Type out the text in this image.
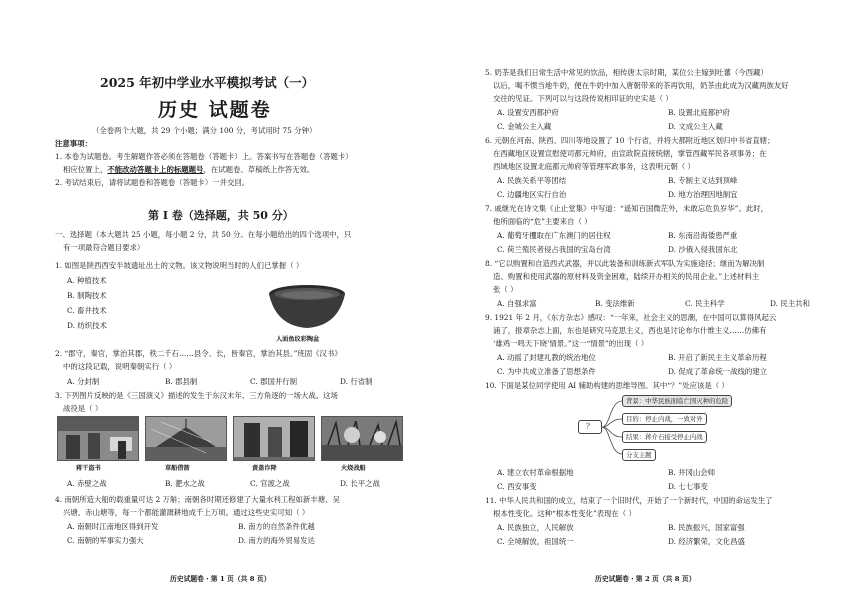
2025 年初中学业水平模拟考试（一）
历史 试题卷
（全卷两个大题，共 29 个小题；满分 100 分，考试用时 75 分钟）
注意事项：
1. 本卷为试题卷。考生解题作答必须在答题卷（答题卡）上。答案书写在答题卷（答题卡）
相应位置上， 不能改动答题卡上的标题题号 ，在试题卷、草稿纸上作答无效。
2. 考试结束后，请将试题卷和答题卷（答题卡）一并交回。
第 Ⅰ 卷（选择题，共 50 分）
一、选择题（本大题共 25 小题，每小题 2 分，共 50 分。在每小题给出的四个选项中，只
有一项最符合题目要求）
1. 如图是陕西西安半坡遗址出土的文物。该文物说明当时的人们已掌握（ ）
A. 种植技术
B. 制陶技术
C. 畜井技术
D. 纺织技术
人面鱼纹彩陶盆
2. “郡守，秦官，掌治其郡，秩二千石……县令、长，皆秦官，掌治其县。”班固《汉书》
中的这段记载，说明秦朝实行（ ）
A. 分封制	B. 郡县制	C. 郡国并行制	D. 行省制
3. 下列图片反映的是《三国演义》描述的发生于东汉末年、三方角逐的一场大战。这场
战役是（ ）
蒋干盗书	草船借箭	黄盖诈降	火烧战船
A. 赤壁之战	B. 淝水之战	C. 官渡之战	D. 长平之战
4. 南朝所造大船的载重量可达 2 万斛；南朝各时期还修建了大量水利工程如新丰塘、吴
兴塘、赤山塘等，每一个都能灌溉耕地成千上万顷。通过这些史实可知（ ）
A. 南朝时江南地区得到开发	B. 南方的自然条件优越
C. 南朝的军事实力强大	D. 南方的海外贸易发达
历史试题卷・第 1 页（共 8 页）
5. 奶茶是我们日常生活中常见的饮品，相传唐太宗时期，某位公主嫁到吐蕃（今西藏）
以后，喝不惯当地牛奶，便在牛奶中加入唐朝带来的茶再饮用，奶茶由此成为汉藏两族友好
交往的见证。下列可以与这段传说相印证的史实是（ ）
A. 设置安西都护府	B. 设置北庭都护府
C. 金城公主入藏	D. 文成公主入藏
6. 元朝在河南、陕西、四川等地设置了 10 个行省，并将大都附近地区划归中书省直辖；
在西藏地区设置宣慰使司都元帅府，由宣政院直接统辖，掌管西藏军民各项事务；在
西域地区设置北庭都元帅府等管理军政事务，这表明元朝（ ）
A. 民族关系平等团结	B. 专制主义达到顶峰
C. 边疆地区实行自治	D. 地方治理因地制宜
7. 戚继光在诗文集《止止堂集》中写道：“遥知百国微茫外，未敢忘危负岁华”。此时，
他所面临的“危”主要来自（ ）
A. 葡萄牙攫取在广东澳门的居住权	B. 东南沿海倭患严重
C. 荷兰殖民者侵占我国的宝岛台湾	D. 沙俄入侵我国东北
8. “它以购置和自造西式武器，并以此装备和训练新式军队为实施途径；继而为解决制
造、购置和使用武器的原材料及资金困难，陆续开办相关的民用企业。”上述材料主
张（ ）
A. 自强求富	B. 变法维新	C. 民主科学	D. 民主共和
9. 1921 年 2 月，《东方杂志》感叹：“一年来，社会主义的思潮，在中国可以算得风起云
涌了，报章杂志上面，东也是研究马克思主义，西也是讨论布尔什维主义……仿佛有
‘雄鸡一鸣天下晓’情景。”这一“情景”的出现（ ）
A. 动摇了封建礼教的统治地位	B. 开启了新民主主义革命历程
C. 为中共成立准备了思想条件	D. 促成了革命统一战线的建立
10. 下面是某位同学使用 AI 辅助构建的思维导图。其中“？”处应该是（ ）
？
背景：中华民族面临亡国灭种的危险
目的：停止内战，一致对外
结果：蒋介石接受停止内战
分支主题
A. 建立农村革命根据地	B. 井冈山会师
C. 西安事变	D. 七七事变
11. 中华人民共和国的成立，结束了一个旧时代，开始了一个新时代，中国的命运发生了
根本性变化。这种“根本性变化”表现在（ ）
A. 民族独立，人民解放	B. 民族振兴，国家富强
C. 全境解放，祖国统一	D. 经济繁荣，文化昌盛
历史试题卷・第 2 页（共 8 页）
